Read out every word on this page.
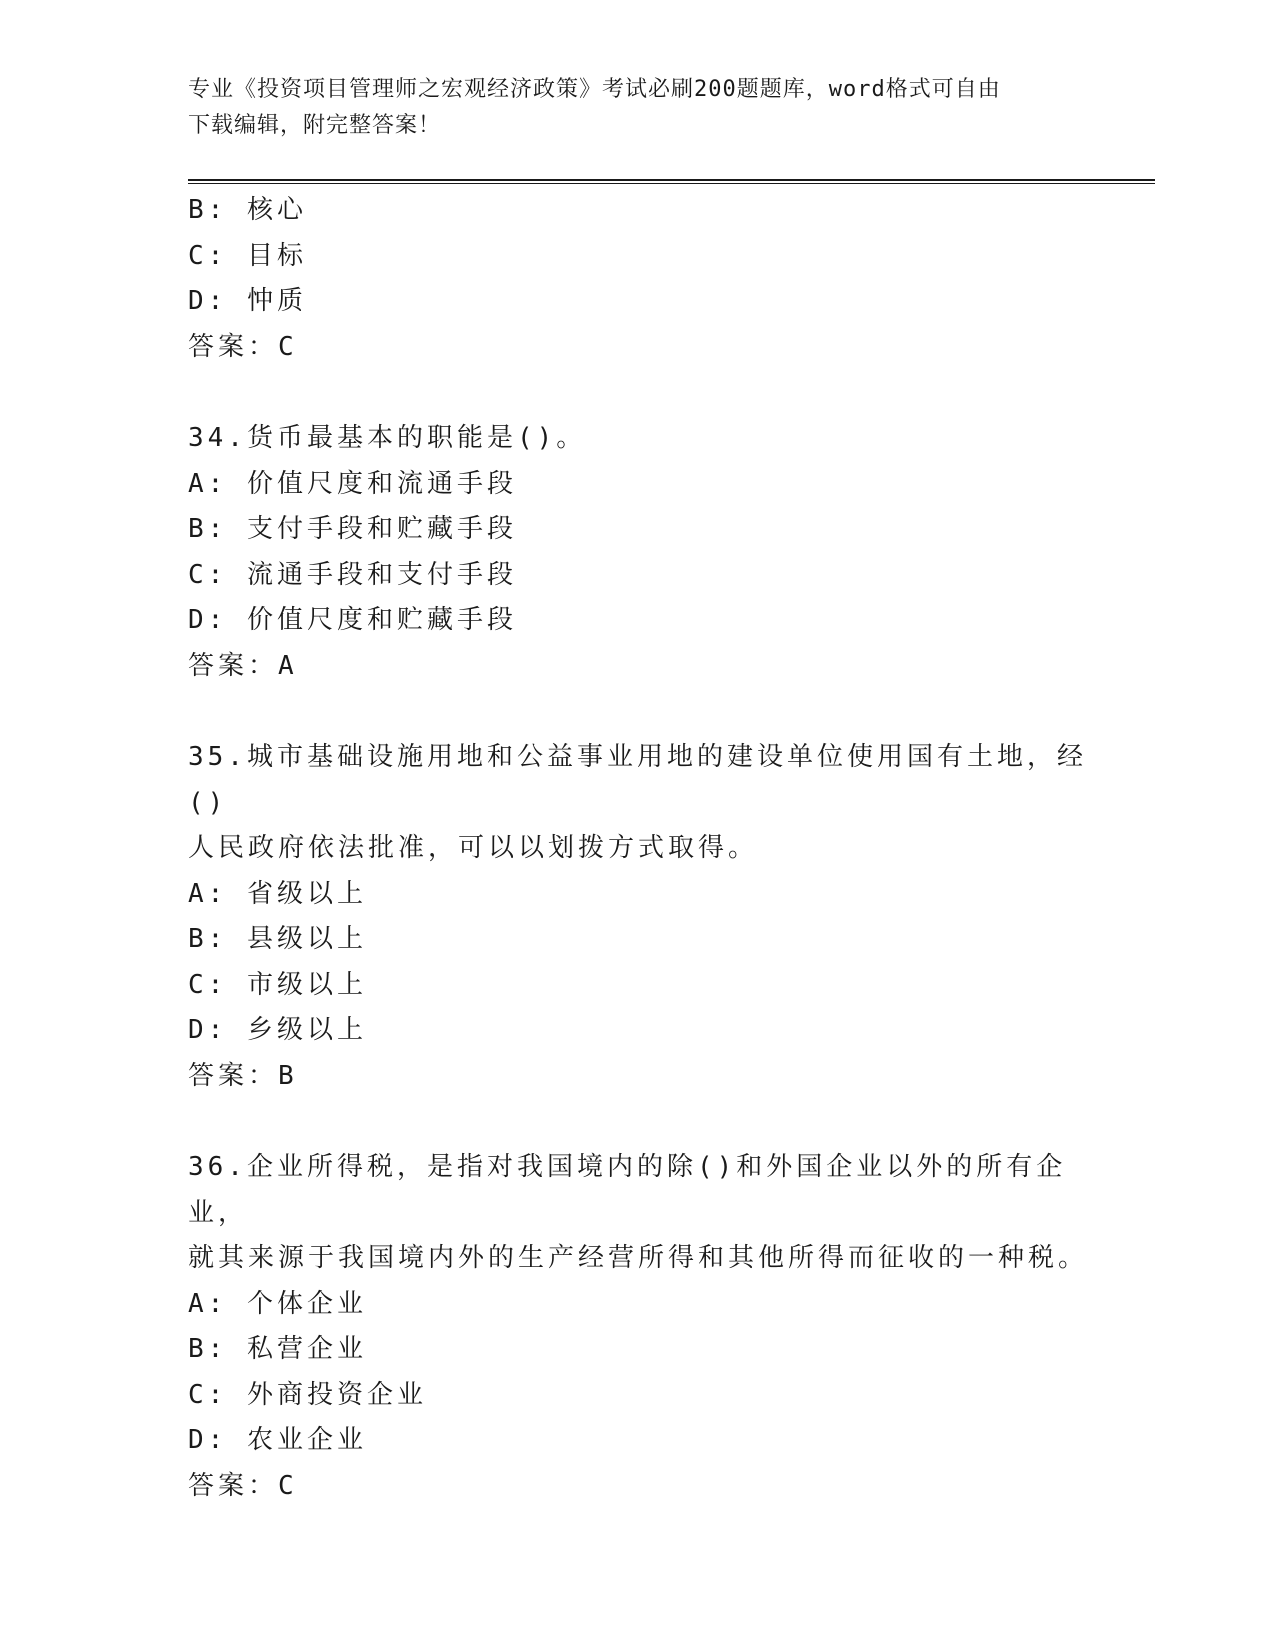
专业《投资项目管理师之宏观经济政策》考试必刷200题题库，word格式可自由
下载编辑，附完整答案！
B: 核心
C: 目标
D: 忡质
答案：C
34.货币最基本的职能是()。
A: 价值尺度和流通手段
B: 支付手段和贮藏手段
C: 流通手段和支付手段
D: 价值尺度和贮藏手段
答案：A
35.城市基础设施用地和公益事业用地的建设单位使用国有土地，经()
人民政府依法批准，可以以划拨方式取得。
A: 省级以上
B: 县级以上
C: 市级以上
D: 乡级以上
答案：B
36.企业所得税，是指对我国境内的除()和外国企业以外的所有企业，
就其来源于我国境内外的生产经营所得和其他所得而征收的一种税。
A: 个体企业
B: 私营企业
C: 外商投资企业
D: 农业企业
答案：C
